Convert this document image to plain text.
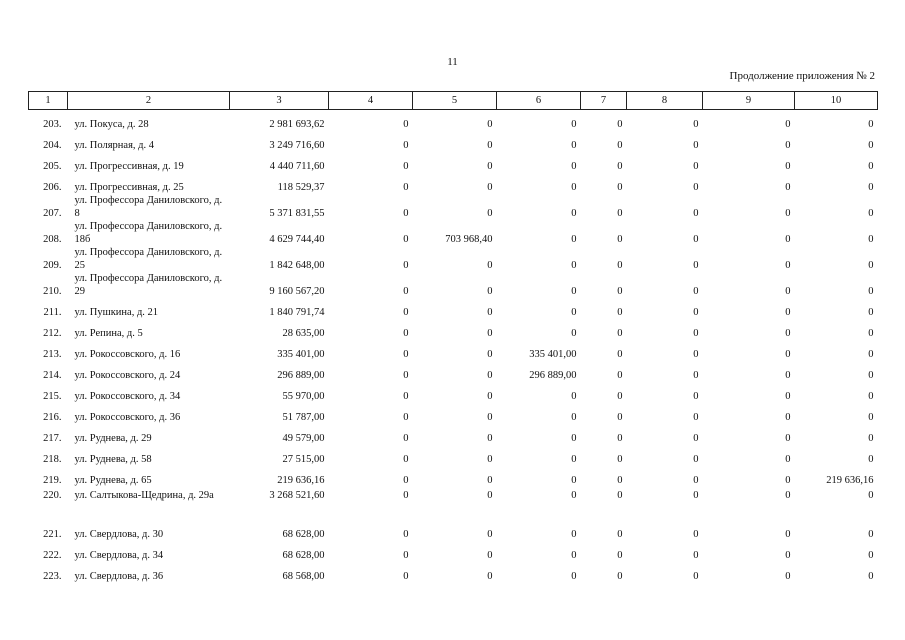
11
Продолжение приложения № 2
1	2	3	4	5	6	7	8	9	10
203.	ул. Покуса, д. 28	2 981 693,62	0	0	0	0	0	0	0
204.	ул. Полярная, д. 4	3 249 716,60	0	0	0	0	0	0	0
205.	ул. Прогрессивная, д. 19	4 440 711,60	0	0	0	0	0	0	0
206.	ул. Прогрессивная, д. 25	118 529,37	0	0	0	0	0	0	0
207.	ул. Профессора Даниловского, д. 8	5 371 831,55	0	0	0	0	0	0	0
208.	ул. Профессора Даниловского, д. 18б	4 629 744,40	0	703 968,40	0	0	0	0	0
209.	ул. Профессора Даниловского, д. 25	1 842 648,00	0	0	0	0	0	0	0
210.	ул. Профессора Даниловского, д. 29	9 160 567,20	0	0	0	0	0	0	0
211.	ул. Пушкина, д. 21	1 840 791,74	0	0	0	0	0	0	0
212.	ул. Репина, д. 5	28 635,00	0	0	0	0	0	0	0
213.	ул. Рокоссовского, д. 16	335 401,00	0	0	335 401,00	0	0	0	0
214.	ул. Рокоссовского, д. 24	296 889,00	0	0	296 889,00	0	0	0	0
215.	ул. Рокоссовского, д. 34	55 970,00	0	0	0	0	0	0	0
216.	ул. Рокоссовского, д. 36	51 787,00	0	0	0	0	0	0	0
217.	ул. Руднева, д. 29	49 579,00	0	0	0	0	0	0	0
218.	ул. Руднева, д. 58	27 515,00	0	0	0	0	0	0	0
219.	ул. Руднева, д. 65	219 636,16	0	0	0	0	0	0	219 636,16
220.	ул. Салтыкова-Щедрина, д. 29а	3 268 521,60	0	0	0	0	0	0	0
221.	ул. Свердлова, д. 30	68 628,00	0	0	0	0	0	0	0
222.	ул. Свердлова, д. 34	68 628,00	0	0	0	0	0	0	0
223.	ул. Свердлова, д. 36	68 568,00	0	0	0	0	0	0	0
